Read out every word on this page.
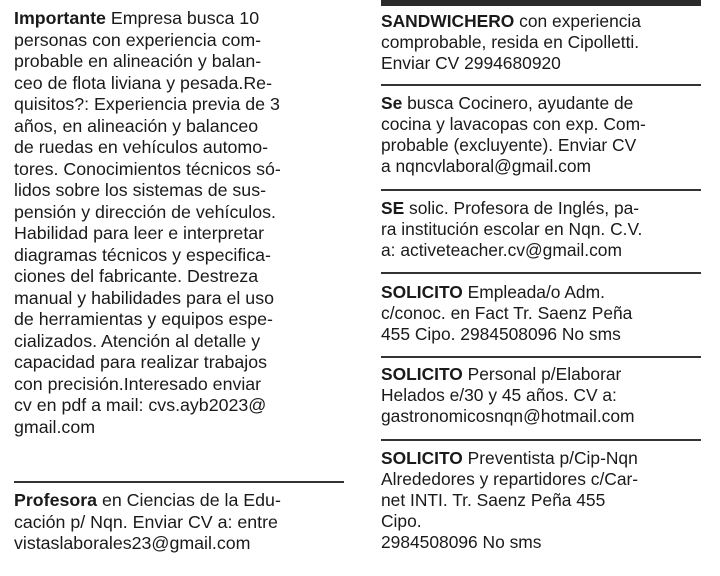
Importante Empresa busca 10
personas con experiencia com-
probable en alineación y balan-
ceo de flota liviana y pesada.Re-
quisitos?: Experiencia previa de 3
años, en alineación y balanceo
de ruedas en vehículos automo-
tores. Conocimientos técnicos só-
lidos sobre los sistemas de sus-
pensión y dirección de vehículos.
Habilidad para leer e interpretar
diagramas técnicos y especifica-
ciones del fabricante. Destreza
manual y habilidades para el uso
de herramientas y equipos espe-
cializados. Atención al detalle y
capacidad para realizar trabajos
con precisión.Interesado enviar
cv en pdf a mail: cvs.ayb2023@
gmail.com
Profesora en Ciencias de la Edu-
cación p/ Nqn. Enviar CV a: entre
vistaslaborales23@gmail.com
SANDWICHERO con experiencia
comprobable, resida en Cipolletti.
Enviar CV 2994680920
Se busca Cocinero, ayudante de
cocina y lavacopas con exp. Com-
probable (excluyente). Enviar CV
a nqncvlaboral@gmail.com
SE solic. Profesora de Inglés, pa-
ra institución escolar en Nqn. C.V.
a: activeteacher.cv@gmail.com
SOLICITO Empleada/o Adm.
c/conoc. en Fact Tr. Saenz Peña
455 Cipo. 2984508096 No sms
SOLICITO Personal p/Elaborar
Helados e/30 y 45 años. CV a:
gastronomicosnqn@hotmail.com
SOLICITO Preventista p/Cip-Nqn
Alrededores y repartidores c/Car-
net INTI. Tr. Saenz Peña 455
Cipo.
2984508096 No sms
